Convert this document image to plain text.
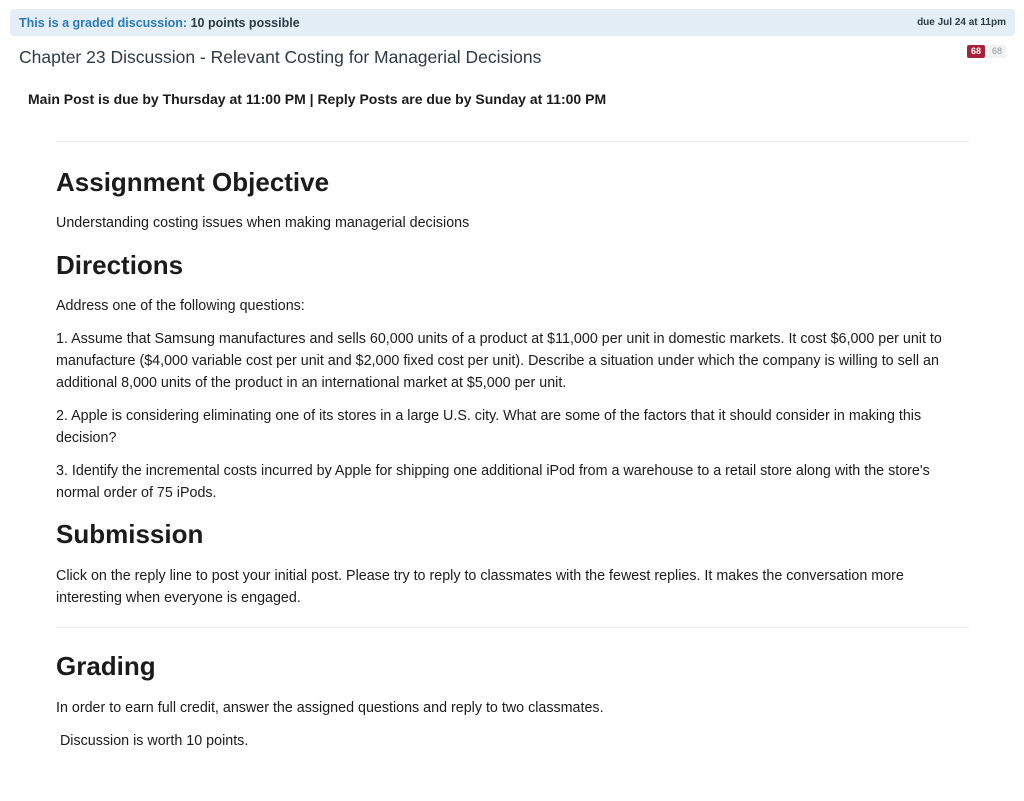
This is a graded discussion: 10 points possible	due Jul 24 at 11pm
Chapter 23 Discussion - Relevant Costing for Managerial Decisions	68	68

Main Post is due by Thursday at 11:00 PM | Reply Posts are due by Sunday at 11:00 PM

Assignment Objective

Understanding costing issues when making managerial decisions

Directions

Address one of the following questions:

1. Assume that Samsung manufactures and sells 60,000 units of a product at $11,000 per unit in domestic markets. It cost $6,000 per unit to manufacture ($4,000 variable cost per unit and $2,000 fixed cost per unit). Describe a situation under which the company is willing to sell an additional 8,000 units of the product in an international market at $5,000 per unit.

2. Apple is considering eliminating one of its stores in a large U.S. city. What are some of the factors that it should consider in making this decision?

3. Identify the incremental costs incurred by Apple for shipping one additional iPod from a warehouse to a retail store along with the store's normal order of 75 iPods.

Submission

Click on the reply line to post your initial post. Please try to reply to classmates with the fewest replies. It makes the conversation more interesting when everyone is engaged.

Grading

In order to earn full credit, answer the assigned questions and reply to two classmates.

Discussion is worth 10 points.
